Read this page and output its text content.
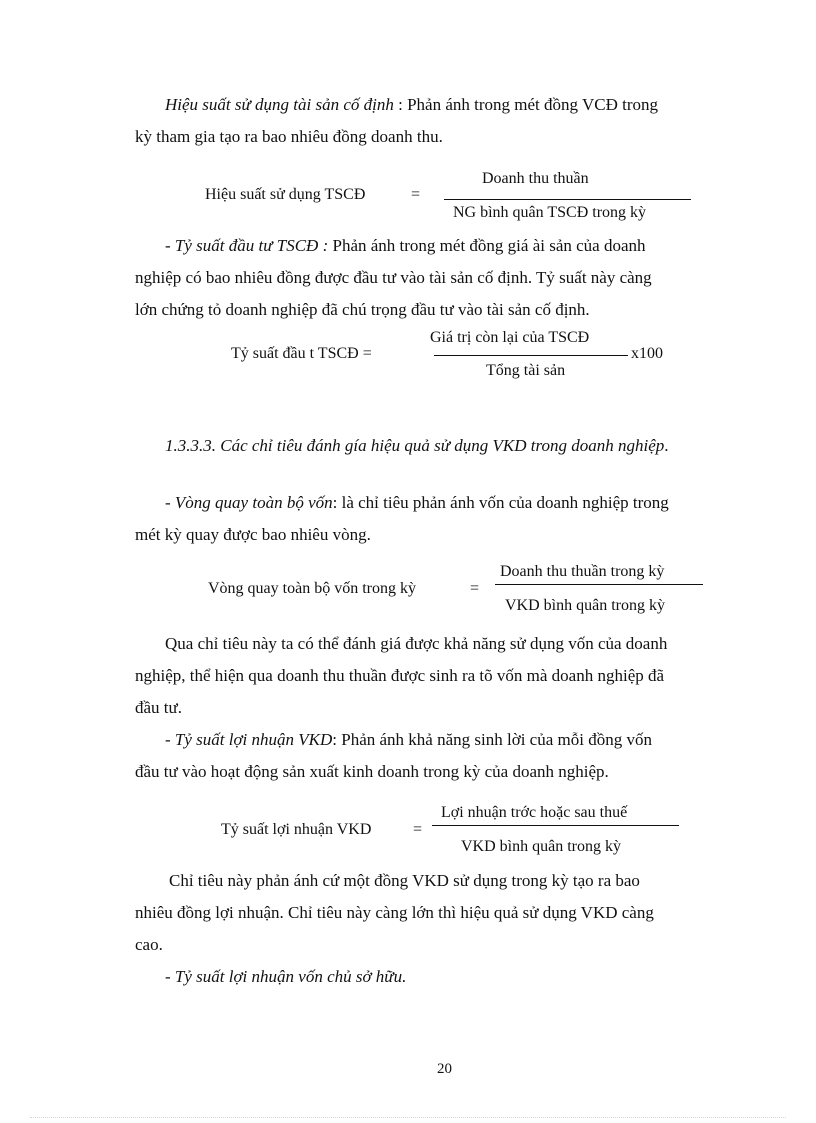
Hiệu suất sử dụng tài sản cố định : Phản ánh trong mét đồng VCĐ trong
kỳ tham gia tạo ra bao nhiêu đồng doanh thu.
Hiệu suất sử dụng TSCĐ	=
Doanh thu thuần
NG bình quân TSCĐ trong kỳ
- Tỷ suất đầu tư TSCĐ : Phản ánh trong mét đồng giá ài sản của doanh
nghiệp có bao nhiêu đồng được đầu tư vào tài sản cố định. Tỷ suất này càng
lớn chứng tỏ doanh nghiệp đã chú trọng đầu tư vào tài sản cố định.
Tỷ suất đầu t TSCĐ =
Giá trị còn lại của TSCĐ
x100
Tổng tài sản
1.3.3.3. Các chỉ tiêu đánh gía hiệu quả sử dụng VKD trong doanh nghiệp.
- Vòng quay toàn bộ vốn: là chỉ tiêu phản ánh vốn của doanh nghiệp trong
mét kỳ quay được bao nhiêu vòng.
Vòng quay toàn bộ vốn trong kỳ	=
Doanh thu thuần trong kỳ
VKD bình quân trong kỳ
Qua chỉ tiêu này ta có thể đánh giá được khả năng sử dụng vốn của doanh
nghiệp, thể hiện qua doanh thu thuần được sinh ra tõ vốn mà doanh nghiệp đã
đầu tư.
- Tỷ suất lợi nhuận VKD: Phản ánh khả năng sinh lời của mỗi đồng vốn
đầu tư vào hoạt động sản xuất kinh doanh trong kỳ của doanh nghiệp.
Tỷ suất lợi nhuận VKD	=
Lợi nhuận trớc hoặc sau thuế
VKD bình quân trong kỳ
Chỉ tiêu này phản ánh cứ một đồng VKD sử dụng trong kỳ tạo ra bao
nhiêu đồng lợi nhuận. Chỉ tiêu này càng lớn thì hiệu quả sử dụng VKD càng
cao.
- Tỷ suất lợi nhuận vốn chủ sở hữu.
20
